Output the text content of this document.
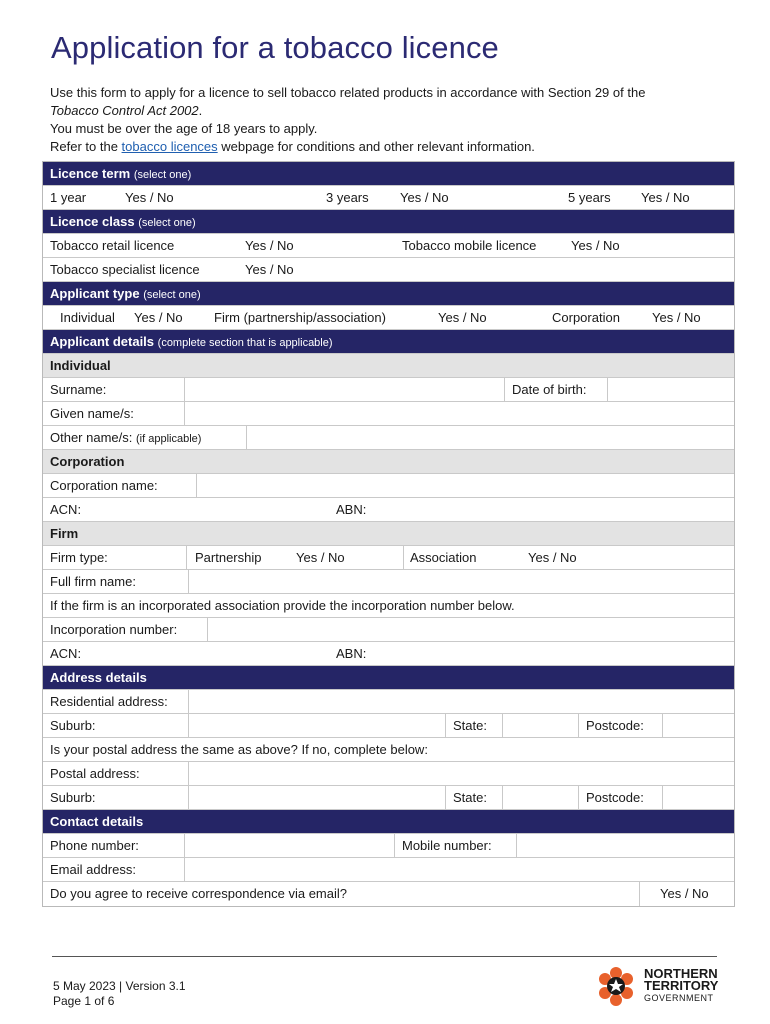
Application for a tobacco licence

Use this form to apply for a licence to sell tobacco related products in accordance with Section 29 of the
Tobacco Control Act 2002.

You must be over the age of 18 years to apply.

Refer to the tobacco licences webpage for conditions and other relevant information.

Licence term (select one)
1 year	Yes / No	3 years Yes / No	5 years Yes / No
Licence class (select one)
Tobacco retail licence	Yes / No	Tobacco mobile licence	Yes / No
Tobacco specialist licence	Yes / No
Applicant type (select one)
Individual Yes / No Firm (partnership/association)	Yes / No	Corporation Yes / No
Applicant details (complete section that is applicable)
Individual
Surname:	Date of birth:
Given name/s:
Other name/s: (if applicable)
Corporation
Corporation name:
ACN:	ABN:
Firm
Firm type:	Partnership	Yes / No	Association	Yes / No
Full firm name:
If the firm is an incorporated association provide the incorporation number below.
Incorporation number:
ACN:	ABN:
Address details
Residential address:
Suburb:	State:	Postcode:
Is your postal address the same as above? If no, complete below:
Postal address:
Suburb:	State:	Postcode:
Contact details
Phone number:	Mobile number:
Email address:
Do you agree to receive correspondence via email?	Yes / No
5 May 2023 | Version 3.1
Page 1 of 6
NORTHERN
TERRITORY
GOVERNMENT
